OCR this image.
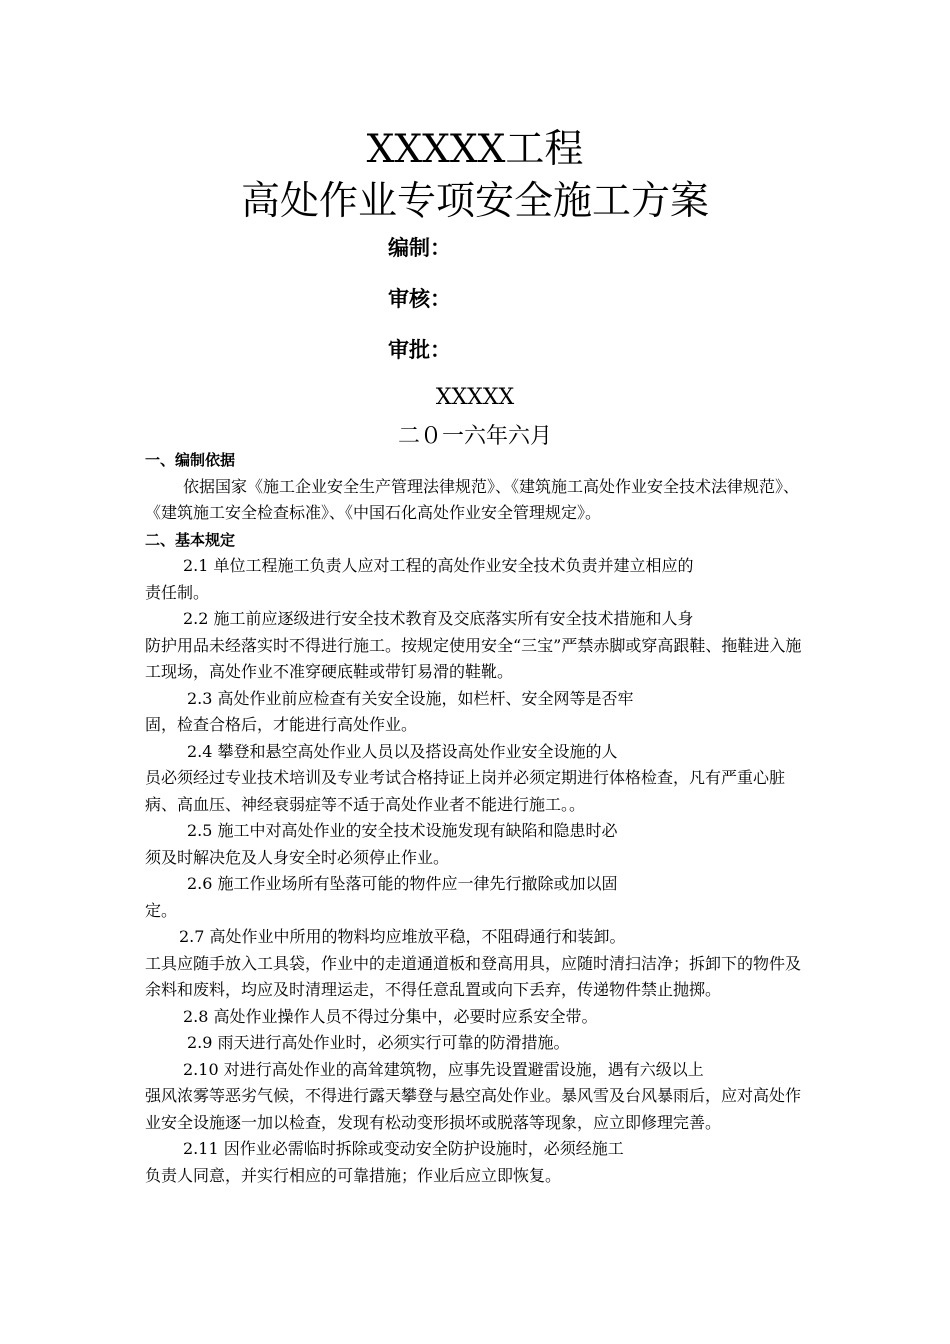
XXXXX工程
高处作业专项安全施工方案
编制：
审核：
审批：
XXXXX
二０一六年六月

一、编制依据

依据国家《施工企业安全生产管理法律规范》、《建筑施工高处作业安全技术法律规范》、《建筑施工安全检查标准》、《中国石化高处作业安全管理规定》。

二、基本规定

2.1 单位工程施工负责人应对工程的高处作业安全技术负责并建立相应的
责任制。

2.2 施工前应逐级进行安全技术教育及交底落实所有安全技术措施和人身
防护用品未经落实时不得进行施工。按规定使用安全“三宝”严禁赤脚或穿高跟鞋、拖鞋进入施工现场，高处作业不准穿硬底鞋或带钉易滑的鞋靴。

2.3 高处作业前应检查有关安全设施，如栏杆、安全网等是否牢
固，检查合格后，才能进行高处作业。

2.4 攀登和悬空高处作业人员以及搭设高处作业安全设施的人
员必须经过专业技术培训及专业考试合格持证上岗并必须定期进行体格检查，凡有严重心脏病、高血压、神经衰弱症等不适于高处作业者不能进行施工。。

2.5 施工中对高处作业的安全技术设施发现有缺陷和隐患时必
须及时解决危及人身安全时必须停止作业。

2.6 施工作业场所有坠落可能的物件应一律先行撤除或加以固
定。

2.7 高处作业中所用的物料均应堆放平稳，不阻碍通行和装卸。
工具应随手放入工具袋，作业中的走道通道板和登高用具，应随时清扫洁净；拆卸下的物件及余料和废料，均应及时清理运走，不得任意乱置或向下丢弃，传递物件禁止抛掷。

2.8 高处作业操作人员不得过分集中，必要时应系安全带。

2.9 雨天进行高处作业时，必须实行可靠的防滑措施。

2.10 对进行高处作业的高耸建筑物，应事先设置避雷设施，遇有六级以上
强风浓雾等恶劣气候，不得进行露天攀登与悬空高处作业。暴风雪及台风暴雨后，应对高处作业安全设施逐一加以检查，发现有松动变形损坏或脱落等现象，应立即修理完善。

2.11 因作业必需临时拆除或变动安全防护设施时，必须经施工
负责人同意，并实行相应的可靠措施；作业后应立即恢复。
